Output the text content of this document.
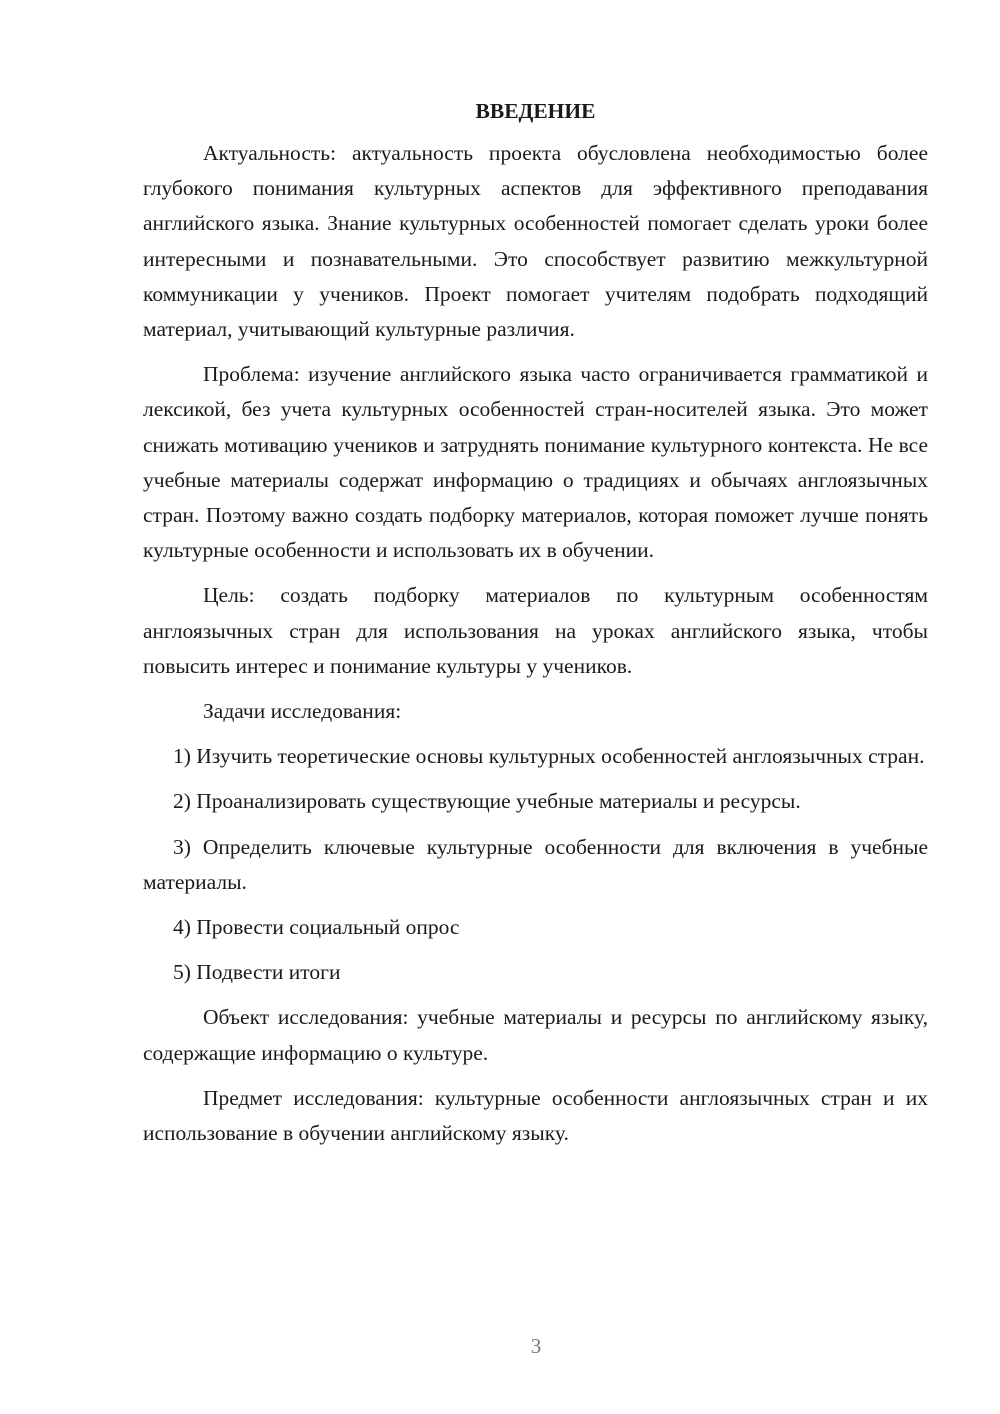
ВВЕДЕНИЕ

Актуальность: актуальность проекта обусловлена необходимостью более глубокого понимания культурных аспектов для эффективного преподавания английского языка. Знание культурных особенностей помогает сделать уроки более интересными и познавательными. Это способствует развитию межкультурной коммуникации у учеников. Проект помогает учителям подобрать подходящий материал, учитывающий культурные различия.

Проблема: изучение английского языка часто ограничивается грамматикой и лексикой, без учета культурных особенностей стран-носителей языка. Это может снижать мотивацию учеников и затруднять понимание культурного контекста. Не все учебные материалы содержат информацию о традициях и обычаях англоязычных стран. Поэтому важно создать подборку материалов, которая поможет лучше понять культурные особенности и использовать их в обучении.

Цель: создать подборку материалов по культурным особенностям англоязычных стран для использования на уроках английского языка, чтобы повысить интерес и понимание культуры у учеников.

Задачи исследования:

1) Изучить теоретические основы культурных особенностей англоязычных стран.

2) Проанализировать существующие учебные материалы и ресурсы.

3) Определить ключевые культурные особенности для включения в учебные материалы.

4) Провести социальный опрос

5) Подвести итоги

Объект исследования: учебные материалы и ресурсы по английскому языку, содержащие информацию о культуре.

Предмет исследования: культурные особенности англоязычных стран и их использование в обучении английскому языку.

3
